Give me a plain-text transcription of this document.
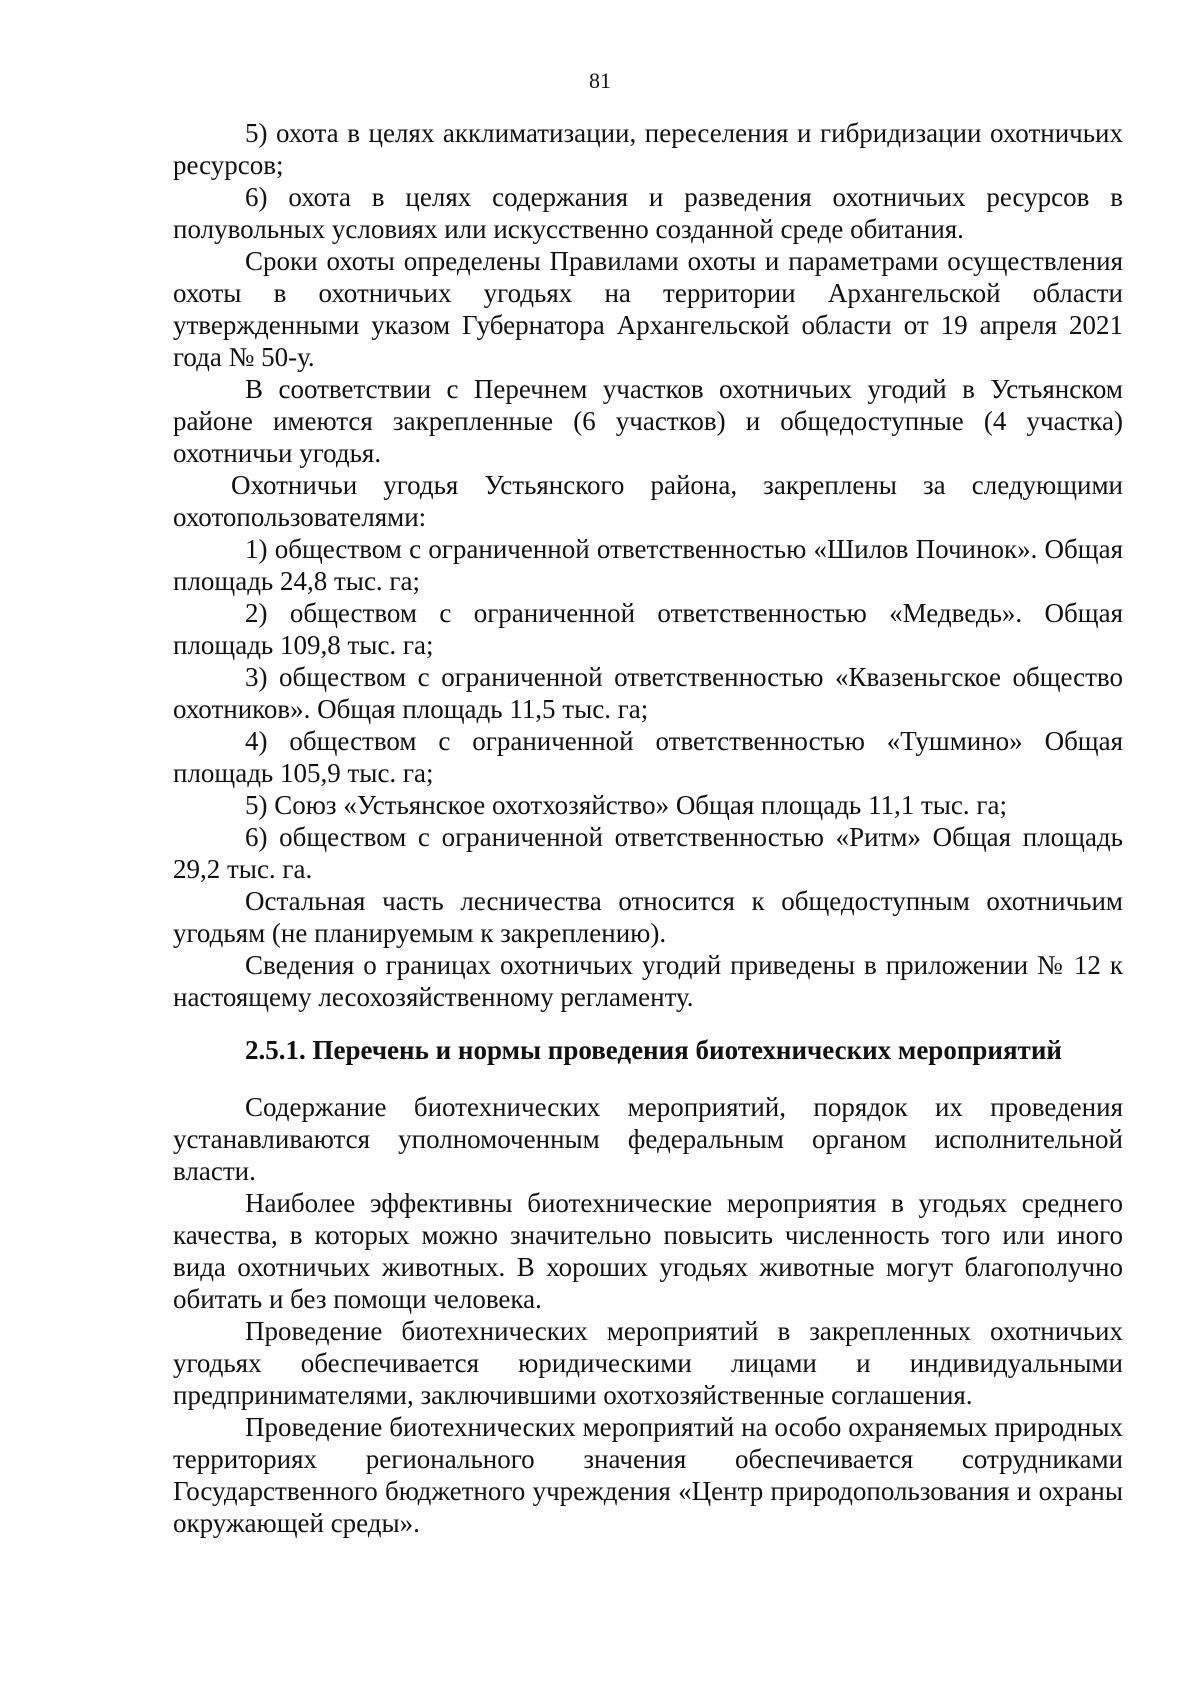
81

5) охота в целях акклиматизации, переселения и гибридизации охотничьих ресурсов;

6) охота в целях содержания и разведения охотничьих ресурсов в полувольных условиях или искусственно созданной среде обитания.

Сроки охоты определены Правилами охоты и параметрами осуществления охоты в охотничьих угодьях на территории Архангельской области утвержденными указом Губернатора Архангельской области от 19 апреля 2021 года № 50-у.

В соответствии с Перечнем участков охотничьих угодий в Устьянском районе имеются закрепленные (6 участков) и общедоступные (4 участка) охотничьи угодья.

Охотничьи угодья Устьянского района, закреплены за следующими охотопользователями:

1) обществом с ограниченной ответственностью «Шилов Починок». Общая площадь 24,8 тыс. га;

2) обществом с ограниченной ответственностью «Медведь». Общая площадь 109,8 тыс. га;

3) обществом с ограниченной ответственностью «Квазеньгское общество охотников». Общая площадь 11,5 тыс. га;

4) обществом с ограниченной ответственностью «Тушмино» Общая площадь 105,9 тыс. га;

5) Союз «Устьянское охотхозяйство» Общая площадь 11,1 тыс. га;

6) обществом с ограниченной ответственностью «Ритм» Общая площадь 29,2 тыс. га.

Остальная часть лесничества относится к общедоступным охотничьим угодьям (не планируемым к закреплению).

Сведения о границах охотничьих угодий приведены в приложении № 12 к настоящему лесохозяйственному регламенту.

2.5.1. Перечень и нормы проведения биотехнических мероприятий

Содержание биотехнических мероприятий, порядок их проведения устанавливаются уполномоченным федеральным органом исполнительной власти.

Наиболее эффективны биотехнические мероприятия в угодьях среднего качества, в которых можно значительно повысить численность того или иного вида охотничьих животных. В хороших угодьях животные могут благополучно обитать и без помощи человека.

Проведение биотехнических мероприятий в закрепленных охотничьих угодьях обеспечивается юридическими лицами и индивидуальными предпринимателями, заключившими охотхозяйственные соглашения.

Проведение биотехнических мероприятий на особо охраняемых природных территориях регионального значения обеспечивается сотрудниками Государственного бюджетного учреждения «Центр природопользования и охраны окружающей среды».
